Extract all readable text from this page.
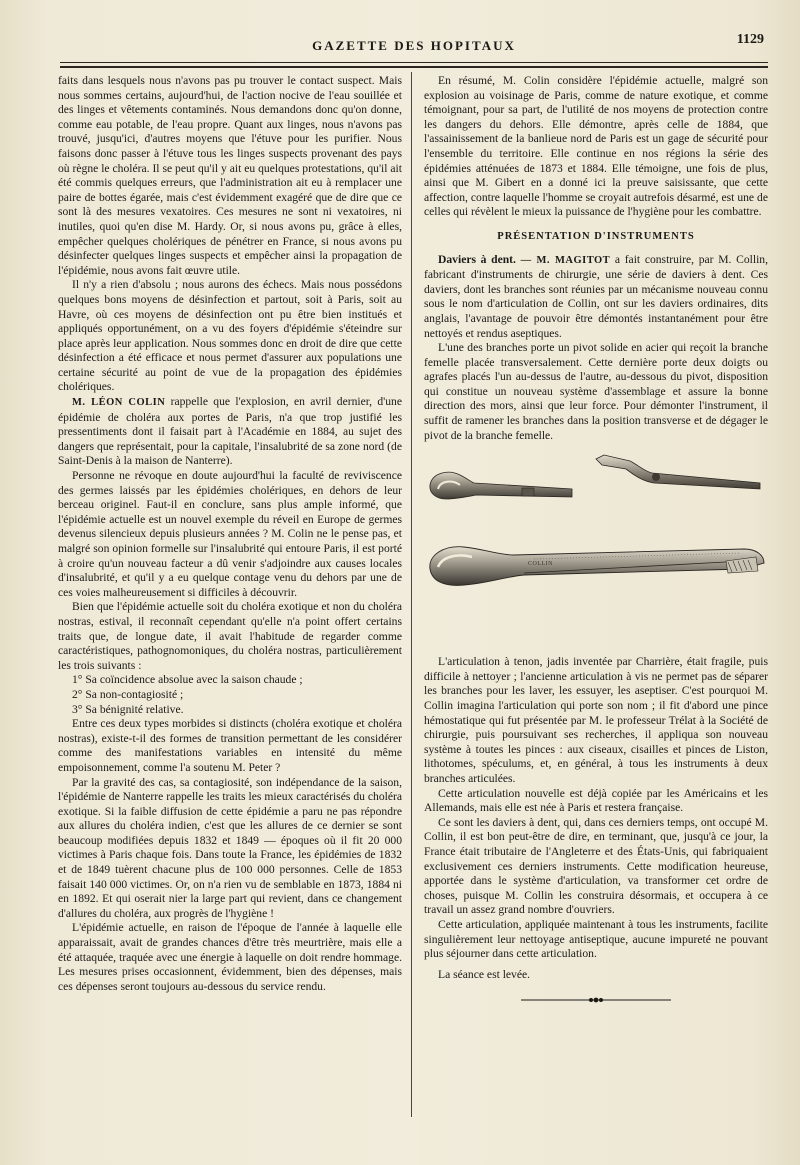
GAZETTE DES HOPITAUX	1129

faits dans lesquels nous n'avons pas pu trouver le contact suspect. Mais nous sommes certains, aujourd'hui, de l'action nocive de l'eau souillée et des linges et vêtements contaminés. Nous demandons donc qu'on donne, comme eau potable, de l'eau propre. Quant aux linges, nous n'avons pas trouvé, jusqu'ici, d'autres moyens que l'étuve pour les purifier. Nous faisons donc passer à l'étuve tous les linges suspects provenant des pays où règne le choléra. Il se peut qu'il y ait eu quelques protestations, qu'il ait été commis quelques erreurs, que l'administration ait eu à remplacer une paire de bottes égarée, mais c'est évidemment exagéré que de dire que ce sont là des mesures vexatoires. Ces mesures ne sont ni vexatoires, ni inutiles, quoi qu'en dise M. Hardy. Or, si nous avons pu, grâce à elles, empêcher quelques cholériques de pénétrer en France, si nous avons pu désinfecter quelques linges suspects et empêcher ainsi la propagation de l'épidémie, nous avons fait œuvre utile.

Il n'y a rien d'absolu ; nous aurons des échecs. Mais nous possédons quelques bons moyens de désinfection et partout, soit à Paris, soit au Havre, où ces moyens de désinfection ont pu être bien institués et appliqués opportunément, on a vu des foyers d'épidémie s'éteindre sur place après leur application. Nous sommes donc en droit de dire que cette désinfection a été efficace et nous permet d'assurer aux populations une certaine sécurité au point de vue de la propagation des épidémies cholériques.

M. LÉON COLIN rappelle que l'explosion, en avril dernier, d'une épidémie de choléra aux portes de Paris, n'a que trop justifié les pressentiments dont il faisait part à l'Académie en 1884, au sujet des dangers que représentait, pour la capitale, l'insalubrité de sa zone nord (de Saint-Denis à la maison de Nanterre).

Personne ne révoque en doute aujourd'hui la faculté de reviviscence des germes laissés par les épidémies cholériques, en dehors de leur berceau originel. Faut-il en conclure, sans plus ample informé, que l'épidémie actuelle est un nouvel exemple du réveil en Europe de germes devenus silencieux depuis plusieurs années ? M. Colin ne le pense pas, et malgré son opinion formelle sur l'insalubrité qui entoure Paris, il est porté à croire qu'un nouveau facteur a dû venir s'adjoindre aux causes locales d'insalubrité, et qu'il y a eu quelque contage venu du dehors par une de ces voies malheureusement si difficiles à découvrir.

Bien que l'épidémie actuelle soit du choléra exotique et non du choléra nostras, estival, il reconnaît cependant qu'elle n'a point offert certains traits que, de longue date, il avait l'habitude de regarder comme caractéristiques, pathognomoniques, du choléra nostras, particulièrement les trois suivants :

1° Sa coïncidence absolue avec la saison chaude ;

2° Sa non-contagiosité ;

3° Sa bénignité relative.

Entre ces deux types morbides si distincts (choléra exotique et choléra nostras), existe-t-il des formes de transition permettant de les considérer comme des manifestations variables en intensité du même empoisonnement, comme l'a soutenu M. Peter ?

Par la gravité des cas, sa contagiosité, son indépendance de la saison, l'épidémie de Nanterre rappelle les traits les mieux caractérisés du choléra exotique. Si la faible diffusion de cette épidémie a paru ne pas répondre aux allures du choléra indien, c'est que les allures de ce dernier se sont beaucoup modifiées depuis 1832 et 1849 — époques où il fit 20 000 victimes à Paris chaque fois. Dans toute la France, les épidémies de 1832 et de 1849 tuèrent chacune plus de 100 000 personnes. Celle de 1853 faisait 140 000 victimes. Or, on n'a rien vu de semblable en 1873, 1884 ni en 1892. Et qui oserait nier la large part qui revient, dans ce changement d'allures du choléra, aux progrès de l'hygiène !

L'épidémie actuelle, en raison de l'époque de l'année à laquelle elle apparaissait, avait de grandes chances d'être très meurtrière, mais elle a été attaquée, traquée avec une énergie à laquelle on doit rendre hommage. Les mesures prises occasionnent, évidemment, bien des dépenses, mais ces dépenses seront toujours au-dessous du service rendu.

En résumé, M. Colin considère l'épidémie actuelle, malgré son explosion au voisinage de Paris, comme de nature exotique, et comme témoignant, pour sa part, de l'utilité de nos moyens de protection contre les dangers du dehors. Elle démontre, après celle de 1884, que l'assainissement de la banlieue nord de Paris est un gage de sécurité pour l'ensemble du territoire. Elle continue en nos régions la série des épidémies atténuées de 1873 et 1884. Elle témoigne, une fois de plus, ainsi que M. Gibert en a donné ici la preuve saisissante, que cette affection, contre laquelle l'homme se croyait autrefois désarmé, est une de celles qui révèlent le mieux la puissance de l'hygiène pour les combattre.

PRÉSENTATION D'INSTRUMENTS

Daviers à dent. — M. MAGITOT a fait construire, par M. Collin, fabricant d'instruments de chirurgie, une série de daviers à dent. Ces daviers, dont les branches sont réunies par un mécanisme nouveau connu sous le nom d'articulation de Collin, ont sur les daviers ordinaires, dits anglais, l'avantage de pouvoir être démontés instantanément pour être nettoyés et rendus aseptiques.

L'une des branches porte un pivot solide en acier qui reçoit la branche femelle placée transversalement. Cette dernière porte deux doigts ou agrafes placés l'un au-dessus de l'autre, au-dessous du pivot, disposition qui constitue un nouveau système d'assemblage et assure la bonne direction des mors, ainsi que leur force. Pour démonter l'instrument, il suffit de ramener les branches dans la position transverse et de dégager le pivot de la branche femelle.

COLLIN

L'articulation à tenon, jadis inventée par Charrière, était fragile, puis difficile à nettoyer ; l'ancienne articulation à vis ne permet pas de séparer les branches pour les laver, les essuyer, les aseptiser. C'est pourquoi M. Collin imagina l'articulation qui porte son nom ; il fit d'abord une pince hémostatique qui fut présentée par M. le professeur Trélat à la Société de chirurgie, puis poursuivant ses recherches, il appliqua son nouveau système à toutes les pinces : aux ciseaux, cisailles et pinces de Liston, lithotomes, spéculums, et, en général, à tous les instruments à deux branches articulées.

Cette articulation nouvelle est déjà copiée par les Américains et les Allemands, mais elle est née à Paris et restera française.

Ce sont les daviers à dent, qui, dans ces derniers temps, ont occupé M. Collin, il est bon peut-être de dire, en terminant, que, jusqu'à ce jour, la France était tributaire de l'Angleterre et des États-Unis, qui fabriquaient exclusivement ces derniers instruments. Cette modification heureuse, apportée dans le système d'articulation, va transformer cet ordre de choses, puisque M. Collin les construira désormais, et occupera à ce travail un assez grand nombre d'ouvriers.

Cette articulation, appliquée maintenant à tous les instruments, facilite singulièrement leur nettoyage antiseptique, aucune impureté ne pouvant plus séjourner dans cette articulation.

La séance est levée.
